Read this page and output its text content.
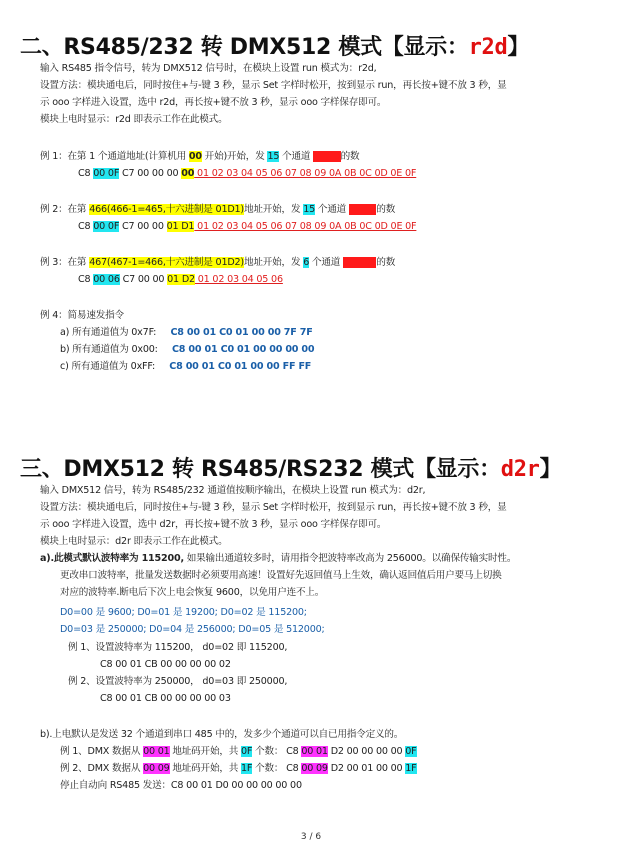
二、RS485/232 转 DMX512 模式【显示：r2d】
输入 RS485 指令信号，转为 DMX512 信号时，在模块上设置 run 模式为：r2d,
设置方法：模块通电后，同时按住+与-键 3 秒，显示 Set 字样时松开，按到显示 run，再长按+键不放 3 秒，显
示 ooo 字样进入设置，选中 r2d，再长按+键不放 3 秒，显示 ooo 字样保存即可。
模块上电时显示：r2d 即表示工作在此模式。
例 1：在第 1 个通道地址(计算机用 00 开始)开始，发 15 个通道 1---15的数
C8 00 0F C7 00 00 00 00 01 02 03 04 05 06 07 08 09 0A 0B 0C 0D 0E 0F
例 2：在第 466(466-1=465,十六进制是 01D1)地址开始，发 15 个通道 1---15的数
C8 00 0F C7 00 00 01 D1 01 02 03 04 05 06 07 08 09 0A 0B 0C 0D 0E 0F
例 3：在第 467(467-1=466,十六进制是 01D2)地址开始，发 6 个通道 01---06的数
C8 00 06 C7 00 00 01 D2 01 02 03 04 05 06
例 4：简易速发指令
a) 所有通道值为 0x7F: C8 00 01 C0 01 00 00 7F 7F
b) 所有通道值为 0x00: C8 00 01 C0 01 00 00 00 00
c) 所有通道值为 0xFF: C8 00 01 C0 01 00 00 FF FF
三、DMX512 转 RS485/RS232 模式【显示：d2r】
输入 DMX512 信号，转为 RS485/232 通道值按顺序输出，在模块上设置 run 模式为：d2r,
设置方法：模块通电后，同时按住+与-键 3 秒，显示 Set 字样时松开，按到显示 run，再长按+键不放 3 秒，显
示 ooo 字样进入设置，选中 d2r，再长按+键不放 3 秒，显示 ooo 字样保存即可。
模块上电时显示：d2r 即表示工作在此模式。
a).此模式默认波特率为 115200, 如果输出通道较多时，请用指令把波特率改高为 256000。以确保传输实时性。
更改串口波特率，批量发送数据时必须要用高速！设置好先返回值马上生效，确认返回值后用户要马上切换
对应的波特率.断电后下次上电会恢复 9600，以免用户连不上。
D0=00 是 9600; D0=01 是 19200; D0=02 是 115200;
D0=03 是 250000; D0=04 是 256000; D0=05 是 512000;
例 1、设置波特率为 115200， d0=02 即 115200,
C8 00 01 CB 00 00 00 00 02
例 2、设置波特率为 250000， d0=03 即 250000,
C8 00 01 CB 00 00 00 00 03
b).上电默认是发送 32 个通道到串口 485 中的，发多少个通道可以自已用指令定义的。
例 1、DMX 数据从 00 01 地址码开始，共 0F 个数： C8 00 01 D2 00 00 00 00 0F
例 2、DMX 数据从 00 09 地址码开始，共 1F 个数： C8 00 09 D2 00 01 00 00 1F
停止自动向 RS485 发送：C8 00 01 D0 00 00 00 00 00
3 / 6
